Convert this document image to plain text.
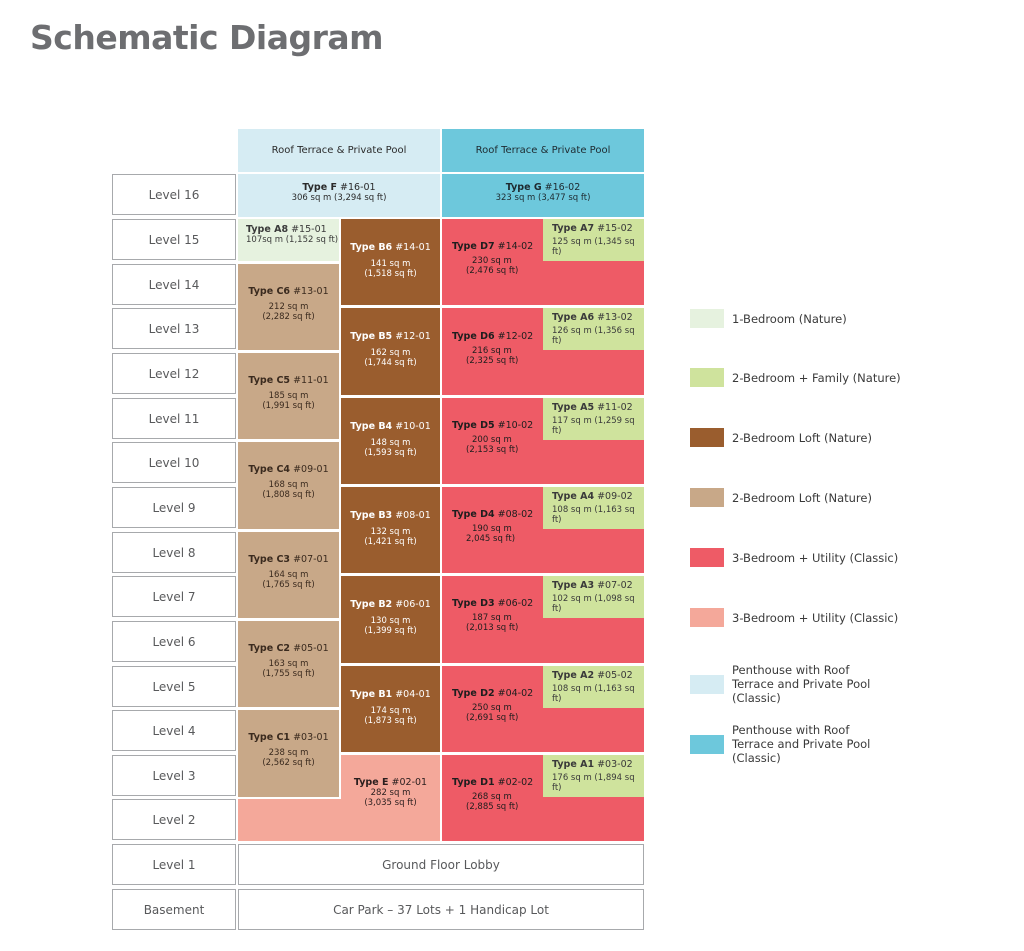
Schematic Diagram
Level 16
Level 15
Level 14
Level 13
Level 12
Level 11
Level 10
Level 9
Level 8
Level 7
Level 6
Level 5
Level 4
Level 3
Level 2
Level 1
Basement
Roof Terrace & Private Pool	Roof Terrace & Private Pool
Type F #16-01
306 sq m (3,294 sq ft)
Type G #16-02
323 sq m (3,477 sq ft)
Type A8 #15-01
107sq m (1,152 sq ft)
Type C6 #13-01
212 sq m
(2,282 sq ft)
Type C5 #11-01
185 sq m
(1,991 sq ft)
Type C4 #09-01
168 sq m
(1,808 sq ft)
Type C3 #07-01
164 sq m
(1,765 sq ft)
Type C2 #05-01
163 sq m
(1,755 sq ft)
Type C1 #03-01
238 sq m
(2,562 sq ft)
Type B6 #14-01
141 sq m
(1,518 sq ft)
Type B5 #12-01
162 sq m
(1,744 sq ft)
Type B4 #10-01
148 sq m
(1,593 sq ft)
Type B3 #08-01
132 sq m
(1,421 sq ft)
Type B2 #06-01
130 sq m
(1,399 sq ft)
Type B1 #04-01
174 sq m
(1,873 sq ft)
Type E #02-01
282 sq m
(3,035 sq ft)
Type D7 #14-02
230 sq m
(2,476 sq ft)
Type D6 #12-02
216 sq m
(2,325 sq ft)
Type D5 #10-02
200 sq m
(2,153 sq ft)
Type D4 #08-02
190 sq m
2,045 sq ft)
Type D3 #06-02
187 sq m
(2,013 sq ft)
Type D2 #04-02
250 sq m
(2,691 sq ft)
Type D1 #02-02
268 sq m
(2,885 sq ft)
Type A7 #15-02
125 sq m (1,345 sq ft)
Type A6 #13-02
126 sq m (1,356 sq ft)
Type A5 #11-02
117 sq m (1,259 sq ft)
Type A4 #09-02
108 sq m (1,163 sq ft)
Type A3 #07-02
102 sq m (1,098 sq ft)
Type A2 #05-02
108 sq m (1,163 sq ft)
Type A1 #03-02
176 sq m (1,894 sq ft)
Ground Floor Lobby
Car Park – 37 Lots + 1 Handicap Lot
1-Bedroom (Nature)
2-Bedroom + Family (Nature)
2-Bedroom Loft (Nature)
2-Bedroom Loft (Nature)
3-Bedroom + Utility (Classic)
3-Bedroom + Utility (Classic)
Penthouse with Roof Terrace and Private Pool (Classic)
Penthouse with Roof Terrace and Private Pool (Classic)
